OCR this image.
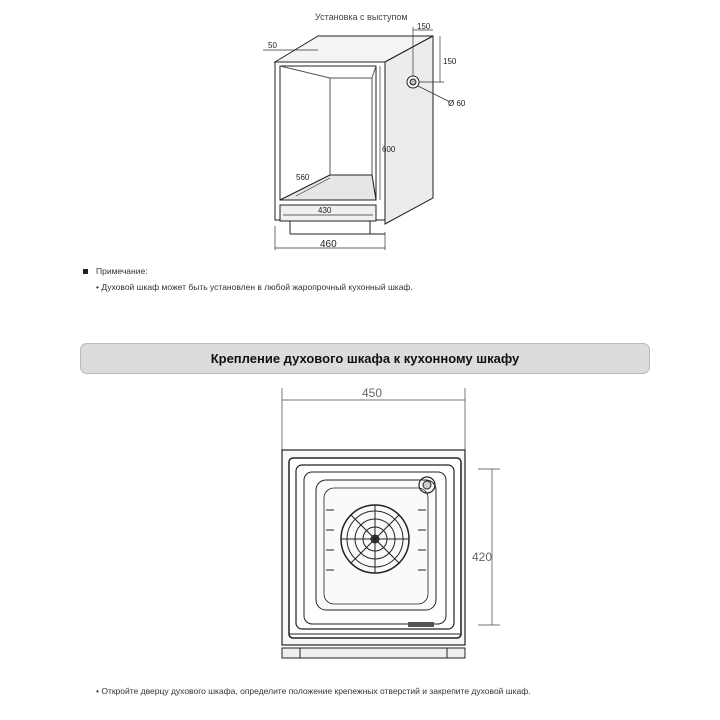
Установка с выступом
50
150
150
Ø 60
600
560
430
460
Примечание:
• Духовой шкаф может быть установлен в любой жаропрочный кухонный шкаф.
Крепление духового шкафа к кухонному шкафу
450
420
• Откройте дверцу духового шкафа, определите положение крепежных отверстий и закрепите духовой шкаф.
